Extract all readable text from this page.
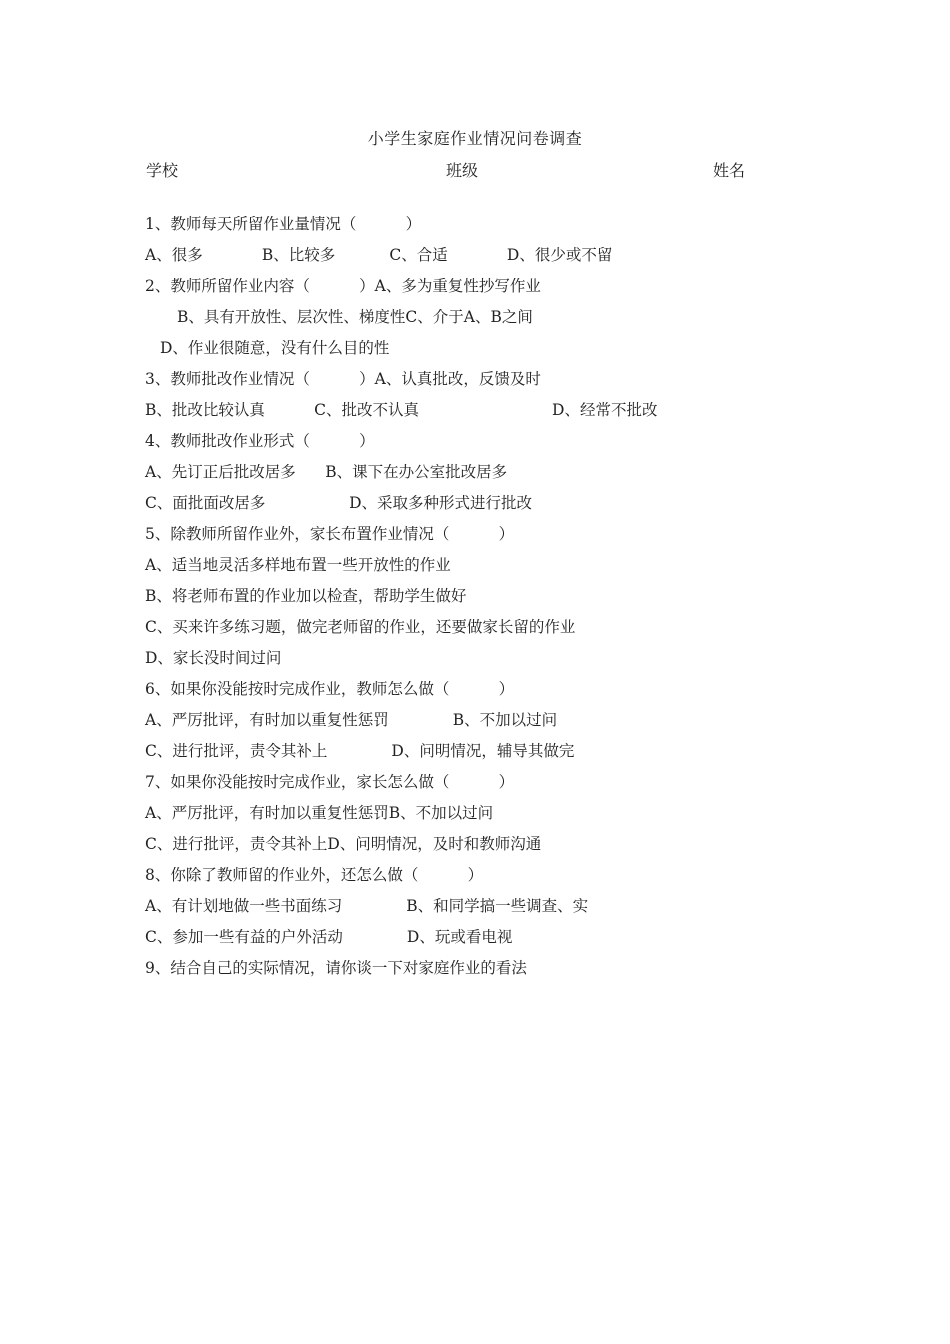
小学生家庭作业情况问卷调查
学校	班级	姓名
1、教师每天所留作业量情况（          ）
A、很多            B、比较多           C、合适            D、很少或不留
2、教师所留作业内容（          ）A、多为重复性抄写作业
B、具有开放性、层次性、梯度性C、介于A、B之间
D、作业很随意，没有什么目的性
3、教师批改作业情况（          ）A、认真批改，反馈及时
B、批改比较认真          C、批改不认真                           D、经常不批改
4、教师批改作业形式（          ）
A、先订正后批改居多      B、课下在办公室批改居多
C、面批面改居多                 D、采取多种形式进行批改
5、除教师所留作业外，家长布置作业情况（          ）
A、适当地灵活多样地布置一些开放性的作业
B、将老师布置的作业加以检查，帮助学生做好
C、买来许多练习题，做完老师留的作业，还要做家长留的作业
D、家长没时间过问
6、如果你没能按时完成作业，教师怎么做（          ）
A、严厉批评，有时加以重复性惩罚             B、不加以过问
C、进行批评，责令其补上             D、问明情况，辅导其做完
7、如果你没能按时完成作业，家长怎么做（          ）
A、严厉批评，有时加以重复性惩罚B、不加以过问
C、进行批评，责令其补上D、问明情况，及时和教师沟通
8、你除了教师留的作业外，还怎么做（          ）
A、有计划地做一些书面练习             B、和同学搞一些调查、实
C、参加一些有益的户外活动             D、玩或看电视
9、结合自己的实际情况，请你谈一下对家庭作业的看法
